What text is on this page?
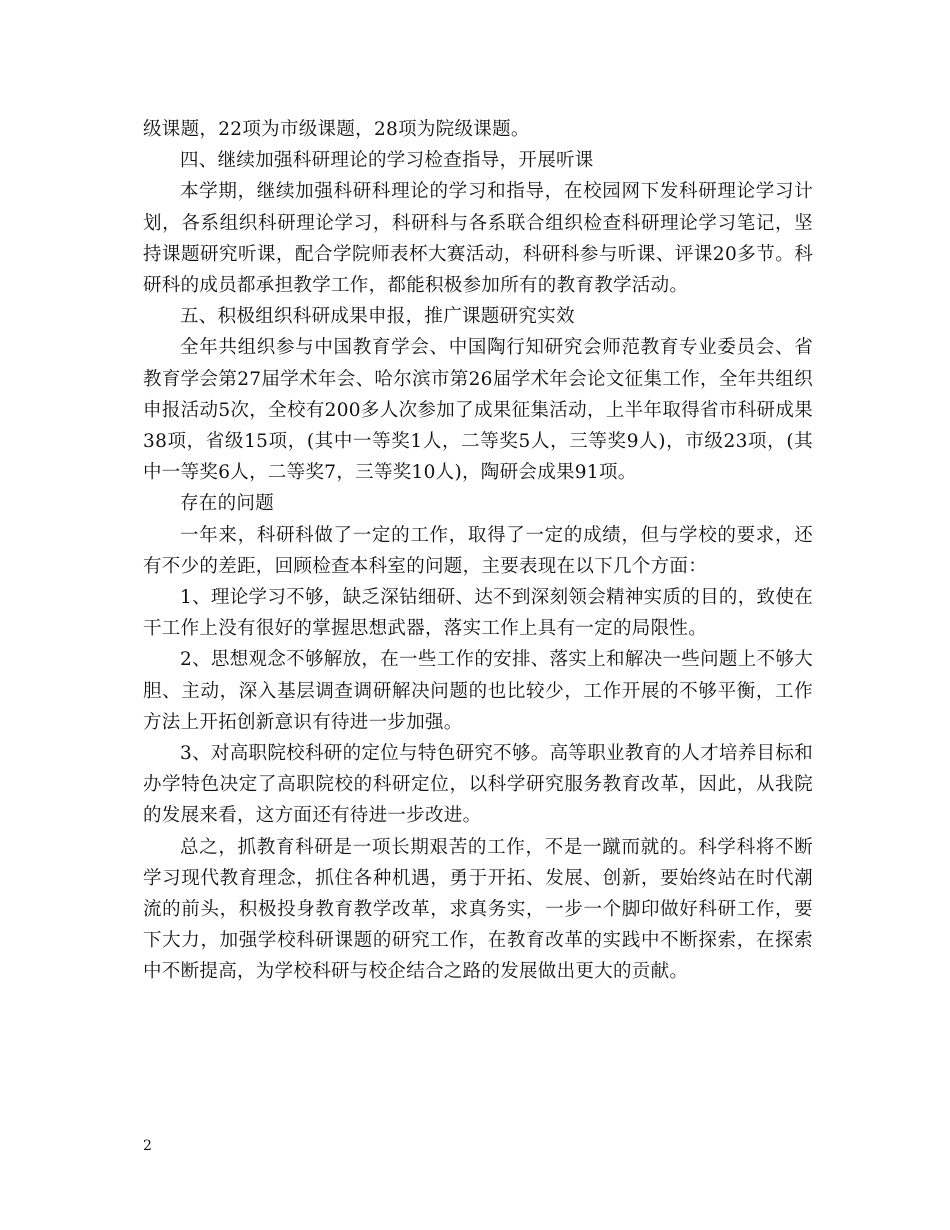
级课题，22项为市级课题，28项为院级课题。

四、继续加强科研理论的学习检查指导，开展听课

本学期，继续加强科研科理论的学习和指导，在校园网下发科研理论学习计划，各系组织科研理论学习，科研科与各系联合组织检查科研理论学习笔记，坚持课题研究听课，配合学院师表杯大赛活动，科研科参与听课、评课20多节。科研科的成员都承担教学工作，都能积极参加所有的教育教学活动。

五、积极组织科研成果申报，推广课题研究实效

全年共组织参与中国教育学会、中国陶行知研究会师范教育专业委员会、省教育学会第27届学术年会、哈尔滨市第26届学术年会论文征集工作，全年共组织申报活动5次，全校有200多人次参加了成果征集活动，上半年取得省市科研成果38项，省级15项，(其中一等奖1人，二等奖5人，三等奖9人)，市级23项，(其中一等奖6人，二等奖7，三等奖10人)，陶研会成果91项。

存在的问题

一年来，科研科做了一定的工作，取得了一定的成绩，但与学校的要求，还有不少的差距，回顾检查本科室的问题，主要表现在以下几个方面：

1、理论学习不够，缺乏深钻细研、达不到深刻领会精神实质的目的，致使在干工作上没有很好的掌握思想武器，落实工作上具有一定的局限性。

2、思想观念不够解放，在一些工作的安排、落实上和解决一些问题上不够大胆、主动，深入基层调查调研解决问题的也比较少，工作开展的不够平衡，工作方法上开拓创新意识有待进一步加强。

3、对高职院校科研的定位与特色研究不够。高等职业教育的人才培养目标和办学特色决定了高职院校的科研定位，以科学研究服务教育改革，因此，从我院的发展来看，这方面还有待进一步改进。

总之，抓教育科研是一项长期艰苦的工作，不是一蹴而就的。科学科将不断学习现代教育理念，抓住各种机遇，勇于开拓、发展、创新，要始终站在时代潮流的前头，积极投身教育教学改革，求真务实，一步一个脚印做好科研工作，要下大力，加强学校科研课题的研究工作，在教育改革的实践中不断探索，在探索中不断提高，为学校科研与校企结合之路的发展做出更大的贡献。

2
